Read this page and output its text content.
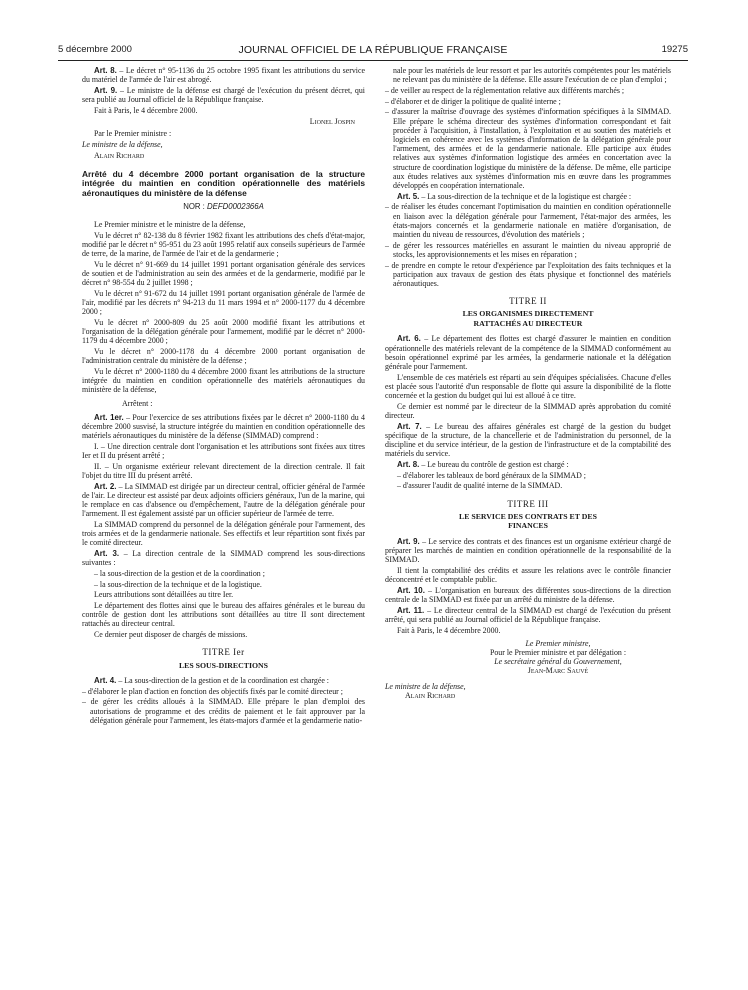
5 décembre 2000	JOURNAL OFFICIEL DE LA RÉPUBLIQUE FRANÇAISE	19275

Art. 8. – Le décret n° 95-1136 du 25 octobre 1995 fixant les attributions du service du matériel de l'armée de l'air est abrogé.

Art. 9. – Le ministre de la défense est chargé de l'exécution du présent décret, qui sera publié au Journal officiel de la République française.

Fait à Paris, le 4 décembre 2000.

Lionel Jospin

Par le Premier ministre :

Le ministre de la défense,

Alain Richard

Arrêté du 4 décembre 2000 portant organisation de la structure intégrée du maintien en condition opérationnelle des matériels aéronautiques du ministère de la défense

NOR : DEFD0002366A

Le Premier ministre et le ministre de la défense,

Vu le décret n° 82-138 du 8 février 1982 fixant les attributions des chefs d'état-major, modifié par le décret n° 95-951 du 23 août 1995 relatif aux conseils supérieurs de l'armée de terre, de la marine, de l'armée de l'air et de la gendarmerie ;

Vu le décret n° 91-669 du 14 juillet 1991 portant organisation générale des services de soutien et de l'administration au sein des armées et de la gendarmerie, modifié par le décret n° 98-554 du 2 juillet 1998 ;

Vu le décret n° 91-672 du 14 juillet 1991 portant organisation générale de l'armée de l'air, modifié par les décrets n° 94-213 du 11 mars 1994 et n° 2000-1177 du 4 décembre 2000 ;

Vu le décret n° 2000-809 du 25 août 2000 modifié fixant les attributions et l'organisation de la délégation générale pour l'armement, modifié par le décret n° 2000-1179 du 4 décembre 2000 ;

Vu le décret n° 2000-1178 du 4 décembre 2000 portant organisation de l'administration centrale du ministère de la défense ;

Vu le décret n° 2000-1180 du 4 décembre 2000 fixant les attributions de la structure intégrée du maintien en condition opérationnelle des matériels aéronautiques du ministère de la défense,

Arrêtent :

Art. 1er. – Pour l'exercice de ses attributions fixées par le décret n° 2000-1180 du 4 décembre 2000 susvisé, la structure intégrée du maintien en condition opérationnelle des matériels aéronautiques du ministère de la défense (SIMMAD) comprend :

I. – Une direction centrale dont l'organisation et les attributions sont fixées aux titres Ier et II du présent arrêté ;

II. – Un organisme extérieur relevant directement de la direction centrale. Il fait l'objet du titre III du présent arrêté.

Art. 2. – La SIMMAD est dirigée par un directeur central, officier général de l'armée de l'air. Le directeur est assisté par deux adjoints officiers généraux, l'un de la marine, qui le remplace en cas d'absence ou d'empêchement, l'autre de la délégation générale pour l'armement. Il est également assisté par un officier supérieur de l'armée de terre.

La SIMMAD comprend du personnel de la délégation générale pour l'armement, des trois armées et de la gendarmerie nationale. Ses effectifs et leur répartition sont fixés par le comité directeur.

Art. 3. – La direction centrale de la SIMMAD comprend les sous-directions suivantes :

– la sous-direction de la gestion et de la coordination ;

– la sous-direction de la technique et de la logistique.

Leurs attributions sont détaillées au titre Ier.

Le département des flottes ainsi que le bureau des affaires générales et le bureau du contrôle de gestion dont les attributions sont détaillées au titre II sont directement rattachés au directeur central.

Ce dernier peut disposer de chargés de missions.

TITRE Ier

LES SOUS-DIRECTIONS

Art. 4. – La sous-direction de la gestion et de la coordination est chargée :

– d'élaborer le plan d'action en fonction des objectifs fixés par le comité directeur ;

– de gérer les crédits alloués à la SIMMAD. Elle prépare le plan d'emploi des autorisations de programme et des crédits de paiement et le fait approuver par la délégation générale pour l'armement, les états-majors d'armée et la gendarmerie natio-

nale pour les matériels de leur ressort et par les autorités compétentes pour les matériels ne relevant pas du ministère de la défense. Elle assure l'exécution de ce plan d'emploi ;

– de veiller au respect de la réglementation relative aux différents marchés ;

– d'élaborer et de diriger la politique de qualité interne ;

– d'assurer la maîtrise d'ouvrage des systèmes d'information spécifiques à la SIMMAD. Elle prépare le schéma directeur des systèmes d'information correspondant et fait procéder à l'acquisition, à l'installation, à l'exploitation et au soutien des matériels et logiciels en cohérence avec les systèmes d'information de la délégation générale pour l'armement, des armées et de la gendarmerie nationale. Elle participe aux études relatives aux systèmes d'information logistique des armées en concertation avec la structure de coordination logistique du ministère de la défense. De même, elle participe aux études relatives aux systèmes d'information mis en œuvre dans les programmes développés en coopération internationale.

Art. 5. – La sous-direction de la technique et de la logistique est chargée :

– de réaliser les études concernant l'optimisation du maintien en condition opérationnelle en liaison avec la délégation générale pour l'armement, l'état-major des armées, les états-majors concernés et la gendarmerie nationale en matière d'organisation, de maintien du niveau de ressources, d'évolution des matériels ;

– de gérer les ressources matérielles en assurant le maintien du niveau approprié de stocks, les approvisionnements et les mises en réparation ;

– de prendre en compte le retour d'expérience par l'exploitation des faits techniques et la participation aux travaux de gestion des états physique et fonctionnel des matériels aéronautiques.

TITRE II

LES ORGANISMES DIRECTEMENT RATTACHÉS AU DIRECTEUR

Art. 6. – Le département des flottes est chargé d'assurer le maintien en condition opérationnelle des matériels relevant de la compétence de la SIMMAD conformément au besoin opérationnel exprimé par les armées, la gendarmerie nationale et la délégation générale pour l'armement.

L'ensemble de ces matériels est réparti au sein d'équipes spécialisées. Chacune d'elles est placée sous l'autorité d'un responsable de flotte qui assure la disponibilité de la flotte concernée et la gestion du budget qui lui est alloué à ce titre.

Ce dernier est nommé par le directeur de la SIMMAD après approbation du comité directeur.

Art. 7. – Le bureau des affaires générales est chargé de la gestion du budget spécifique de la structure, de la chancellerie et de l'administration du personnel, de la discipline et du service intérieur, de la gestion de l'infrastructure et de la comptabilité des matériels du service.

Art. 8. – Le bureau du contrôle de gestion est chargé :

– d'élaborer les tableaux de bord généraux de la SIMMAD ;

– d'assurer l'audit de qualité interne de la SIMMAD.

TITRE III

LE SERVICE DES CONTRATS ET DES FINANCES

Art. 9. – Le service des contrats et des finances est un organisme extérieur chargé de préparer les marchés de maintien en condition opérationnelle de la responsabilité de la SIMMAD.

Il tient la comptabilité des crédits et assure les relations avec le contrôle financier déconcentré et le comptable public.

Art. 10. – L'organisation en bureaux des différentes sous-directions de la direction centrale de la SIMMAD est fixée par un arrêté du ministre de la défense.

Art. 11. – Le directeur central de la SIMMAD est chargé de l'exécution du présent arrêté, qui sera publié au Journal officiel de la République française.

Fait à Paris, le 4 décembre 2000.

Le Premier ministre,

Pour le Premier ministre et par délégation :

Le secrétaire général du Gouvernement,

Jean-Marc Sauvé

Le ministre de la défense,

Alain Richard
